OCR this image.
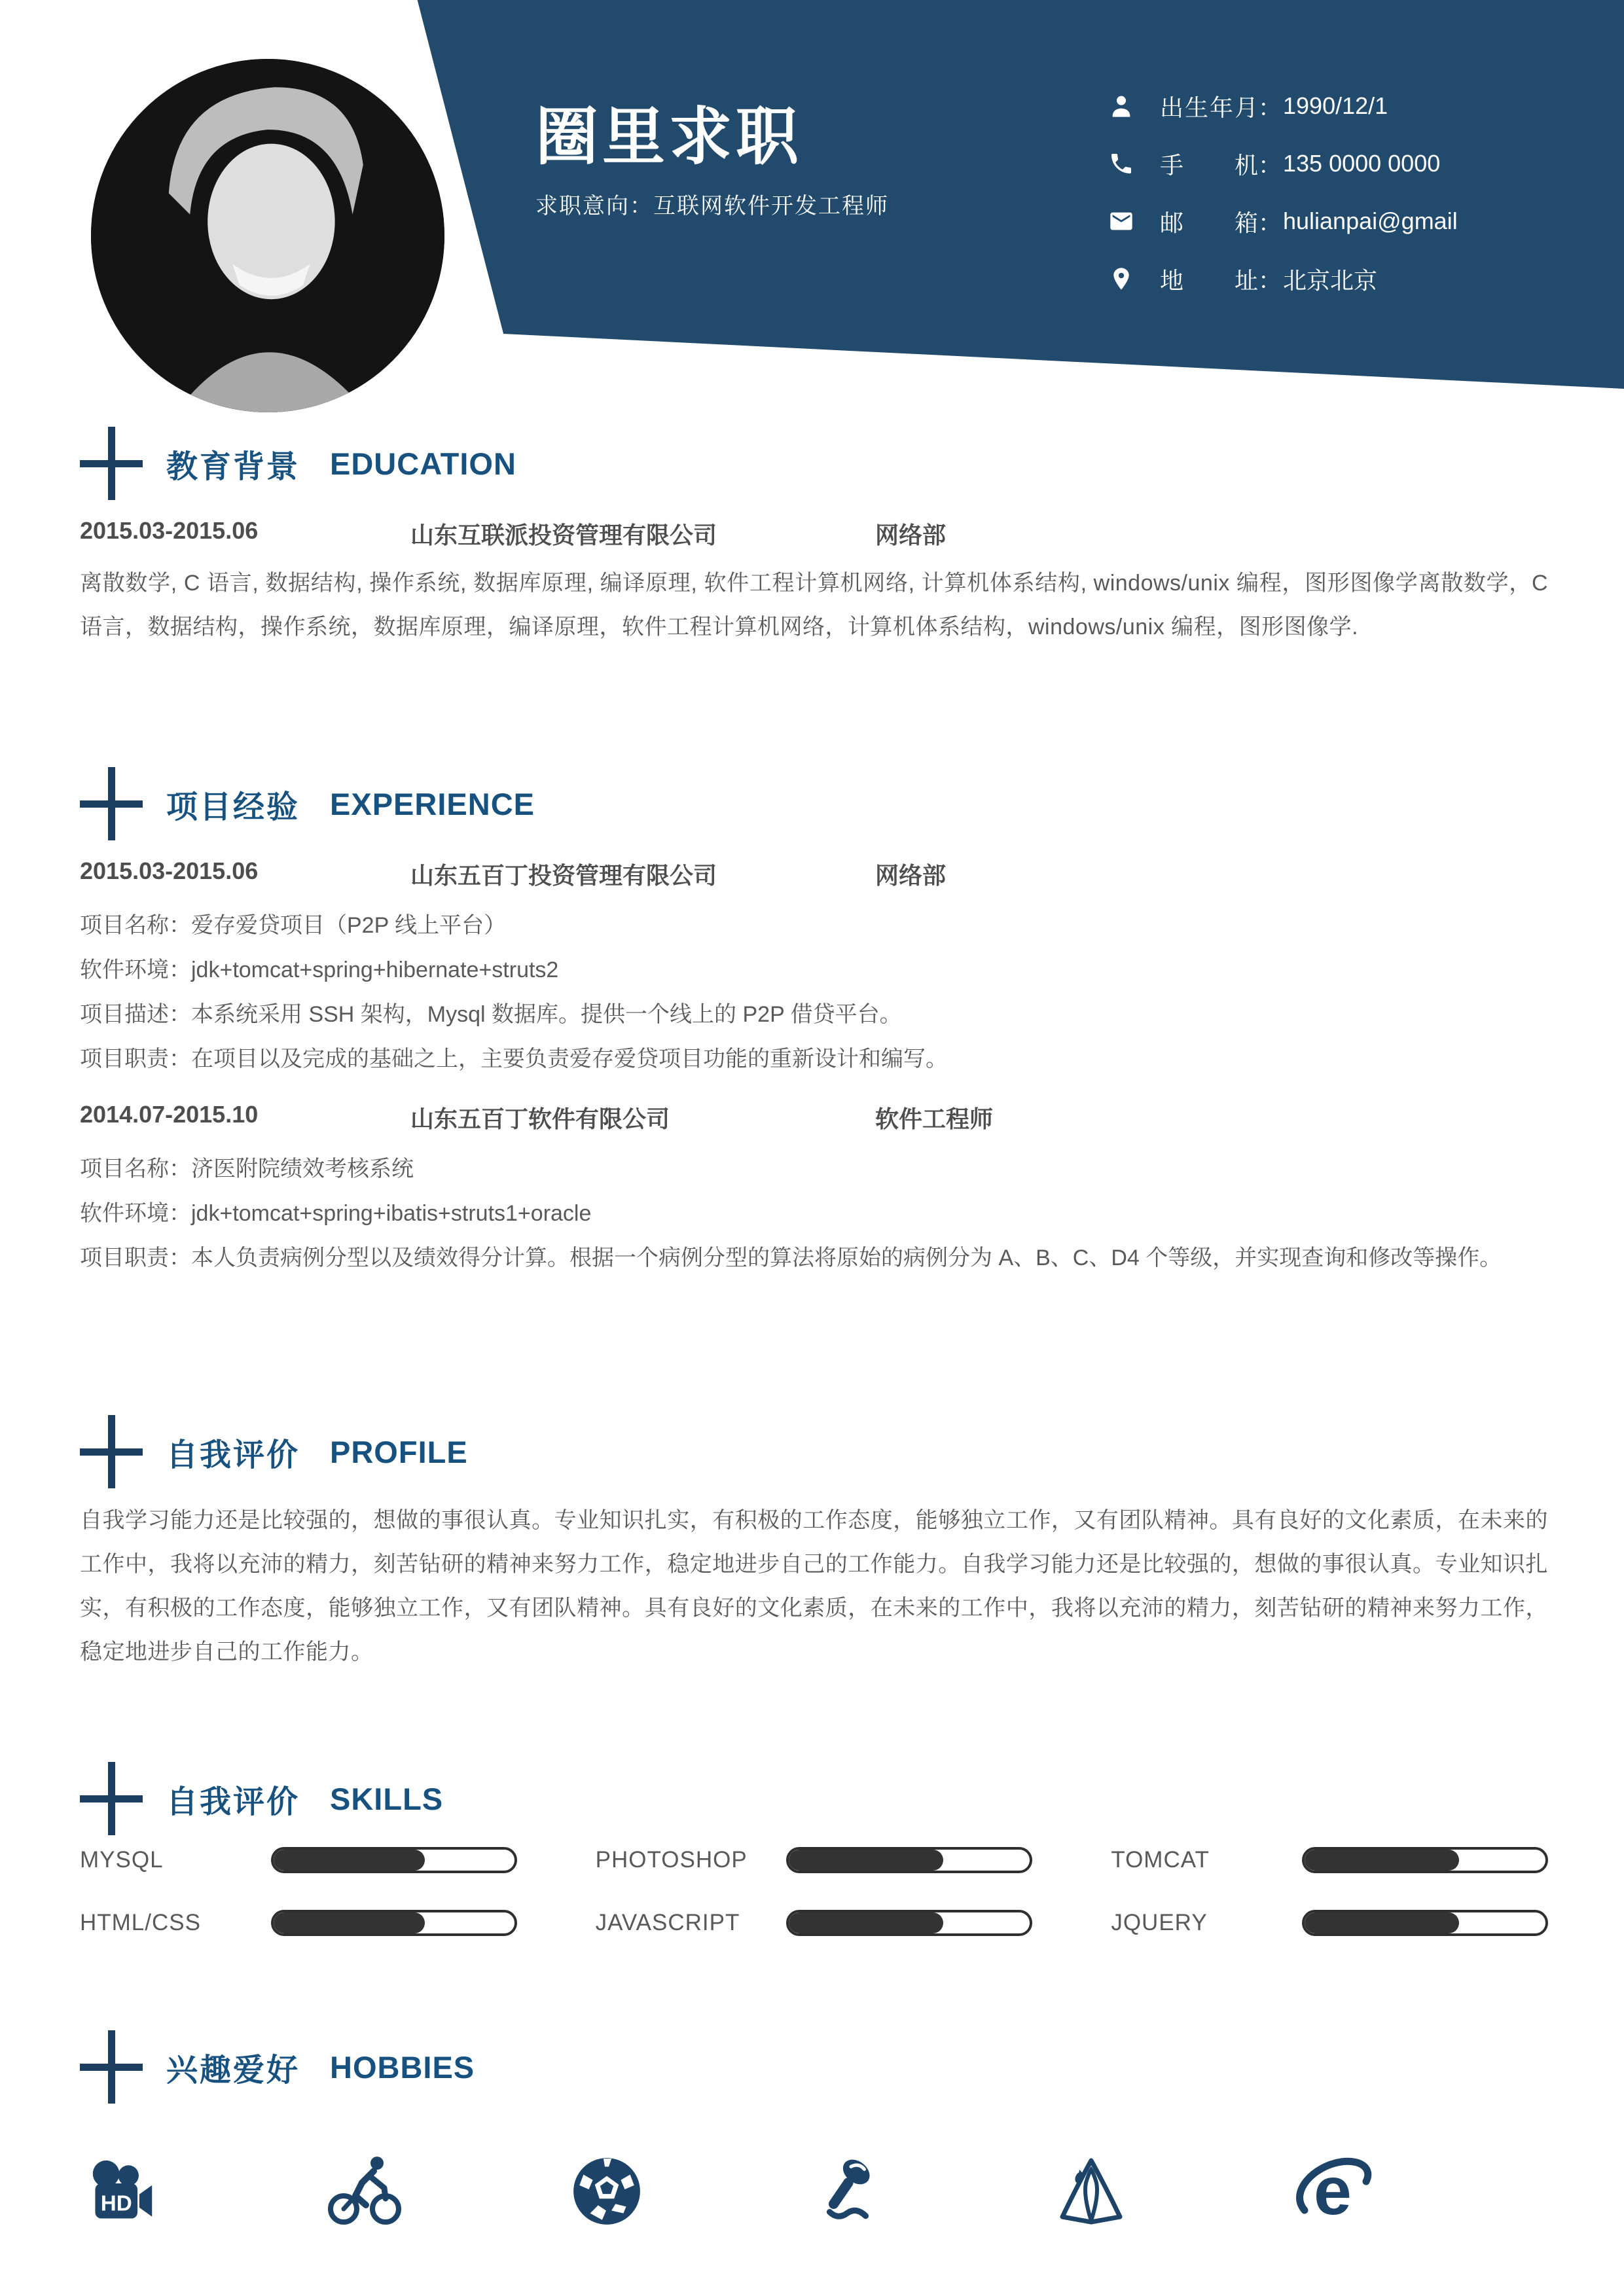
圈里求职
求职意向：互联网软件开发工程师
出生年月 ： 1990/12/1
手机 ： 135 0000 0000
邮箱 ： hulianpai@gmail
地址 ： 北京北京
教育背景 EDUCATION
2015.03-2015.06	山东互联派投资管理有限公司	网络部

离散数学, C 语言, 数据结构, 操作系统, 数据库原理, 编译原理, 软件工程计算机网络, 计算机体系结构, windows/unix 编程，图形图像学离散数学，C 语言，数据结构，操作系统，数据库原理，编译原理，软件工程计算机网络，计算机体系结构，windows/unix 编程，图形图像学.

项目经验 EXPERIENCE
2015.03-2015.06	山东五百丁投资管理有限公司	网络部

项目名称：爱存爱贷项目（P2P 线上平台）

软件环境：jdk+tomcat+spring+hibernate+struts2

项目描述：本系统采用 SSH 架构，Mysql 数据库。提供一个线上的 P2P 借贷平台。

项目职责：在项目以及完成的基础之上，主要负责爱存爱贷项目功能的重新设计和编写。

2014.07-2015.10	山东五百丁软件有限公司	软件工程师

项目名称：济医附院绩效考核系统

软件环境：jdk+tomcat+spring+ibatis+struts1+oracle

项目职责：本人负责病例分型以及绩效得分计算。根据一个病例分型的算法将原始的病例分为 A、B、C、D4 个等级，并实现查询和修改等操作。

自我评价 PROFILE

自我学习能力还是比较强的，想做的事很认真。专业知识扎实，有积极的工作态度，能够独立工作，又有团队精神。具有良好的文化素质，在未来的工作中，我将以充沛的精力，刻苦钻研的精神来努力工作，稳定地进步自己的工作能力。自我学习能力还是比较强的，想做的事很认真。专业知识扎实，有积极的工作态度，能够独立工作，又有团队精神。具有良好的文化素质，在未来的工作中，我将以充沛的精力，刻苦钻研的精神来努力工作，稳定地进步自己的工作能力。

自我评价 SKILLS
MYSQL	PHOTOSHOP	TOMCAT
HTML/CSS	JAVASCRIPT	JQUERY
兴趣爱好 HOBBIES
HD	e
